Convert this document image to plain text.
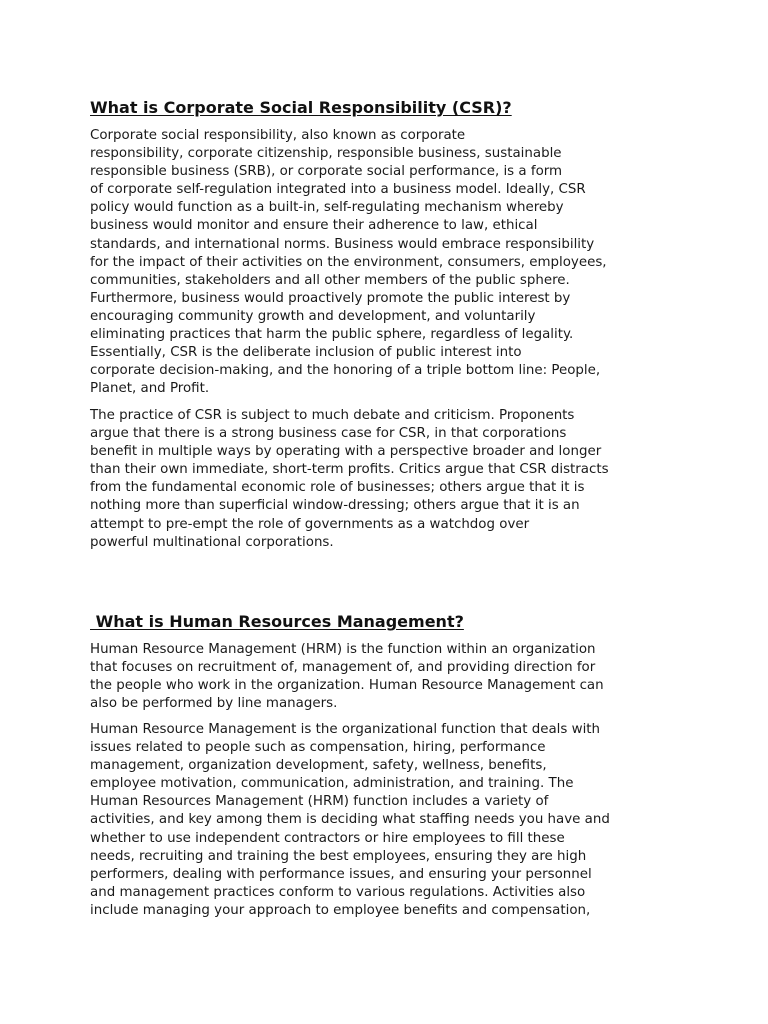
What is Corporate Social Responsibility (CSR)?
Corporate social responsibility, also known as corporate
responsibility, corporate citizenship, responsible business, sustainable
responsible business (SRB), or corporate social performance, is a form
of corporate self-regulation integrated into a business model. Ideally, CSR
policy would function as a built-in, self-regulating mechanism whereby
business would monitor and ensure their adherence to law, ethical
standards, and international norms. Business would embrace responsibility
for the impact of their activities on the environment, consumers, employees,
communities, stakeholders and all other members of the public sphere.
Furthermore, business would proactively promote the public interest by
encouraging community growth and development, and voluntarily
eliminating practices that harm the public sphere, regardless of legality.
Essentially, CSR is the deliberate inclusion of public interest into
corporate decision-making, and the honoring of a triple bottom line: People,
Planet, and Profit.
The practice of CSR is subject to much debate and criticism. Proponents
argue that there is a strong business case for CSR, in that corporations
benefit in multiple ways by operating with a perspective broader and longer
than their own immediate, short-term profits. Critics argue that CSR distracts
from the fundamental economic role of businesses; others argue that it is
nothing more than superficial window-dressing; others argue that it is an
attempt to pre-empt the role of governments as a watchdog over
powerful multinational corporations.
What is Human Resources Management?
Human Resource Management (HRM) is the function within an organization
that focuses on recruitment of, management of, and providing direction for
the people who work in the organization. Human Resource Management can
also be performed by line managers.
Human Resource Management is the organizational function that deals with
issues related to people such as compensation, hiring, performance
management, organization development, safety, wellness, benefits,
employee motivation, communication, administration, and training. The
Human Resources Management (HRM) function includes a variety of
activities, and key among them is deciding what staffing needs you have and
whether to use independent contractors or hire employees to fill these
needs, recruiting and training the best employees, ensuring they are high
performers, dealing with performance issues, and ensuring your personnel
and management practices conform to various regulations. Activities also
include managing your approach to employee benefits and compensation,
